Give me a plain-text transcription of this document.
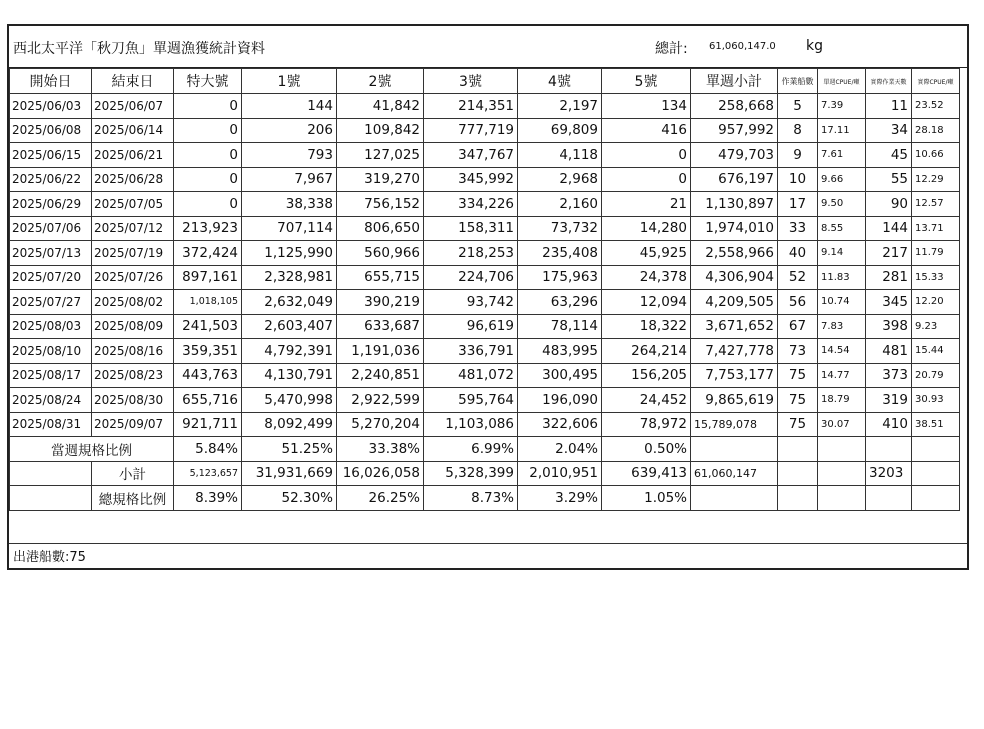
西北太平洋「秋刀魚」單週漁獲統計資料	總計: 61,060,147.0 kg
開始日	結束日	特大號	1號	2號	3號	4號	5號	單週小計	作業船數	單週CPUE/噸	實際作業天數	實際CPUE/噸
2025/06/03	2025/06/07	0	144	41,842	214,351	2,197	134	258,668	5	7.39	11	23.52
2025/06/08	2025/06/14	0	206	109,842	777,719	69,809	416	957,992	8	17.11	34	28.18
2025/06/15	2025/06/21	0	793	127,025	347,767	4,118	0	479,703	9	7.61	45	10.66
2025/06/22	2025/06/28	0	7,967	319,270	345,992	2,968	0	676,197	10	9.66	55	12.29
2025/06/29	2025/07/05	0	38,338	756,152	334,226	2,160	21	1,130,897	17	9.50	90	12.57
2025/07/06	2025/07/12	213,923	707,114	806,650	158,311	73,732	14,280	1,974,010	33	8.55	144	13.71
2025/07/13	2025/07/19	372,424	1,125,990	560,966	218,253	235,408	45,925	2,558,966	40	9.14	217	11.79
2025/07/20	2025/07/26	897,161	2,328,981	655,715	224,706	175,963	24,378	4,306,904	52	11.83	281	15.33
2025/07/27	2025/08/02	1,018,105	2,632,049	390,219	93,742	63,296	12,094	4,209,505	56	10.74	345	12.20
2025/08/03	2025/08/09	241,503	2,603,407	633,687	96,619	78,114	18,322	3,671,652	67	7.83	398	9.23
2025/08/10	2025/08/16	359,351	4,792,391	1,191,036	336,791	483,995	264,214	7,427,778	73	14.54	481	15.44
2025/08/17	2025/08/23	443,763	4,130,791	2,240,851	481,072	300,495	156,205	7,753,177	75	14.77	373	20.79
2025/08/24	2025/08/30	655,716	5,470,998	2,922,599	595,764	196,090	24,452	9,865,619	75	18.79	319	30.93
2025/08/31	2025/09/07	921,711	8,092,499	5,270,204	1,103,086	322,606	78,972	15,789,078	75	30.07	410	38.51
當週規格比例		5.84%	51.25%	33.38%	6.99%	2.04%	0.50%					
	小計	5,123,657	31,931,669	16,026,058	5,328,399	2,010,951	639,413	61,060,147			3203	
	總規格比例	8.39%	52.30%	26.25%	8.73%	3.29%	1.05%					
出港船數:75
